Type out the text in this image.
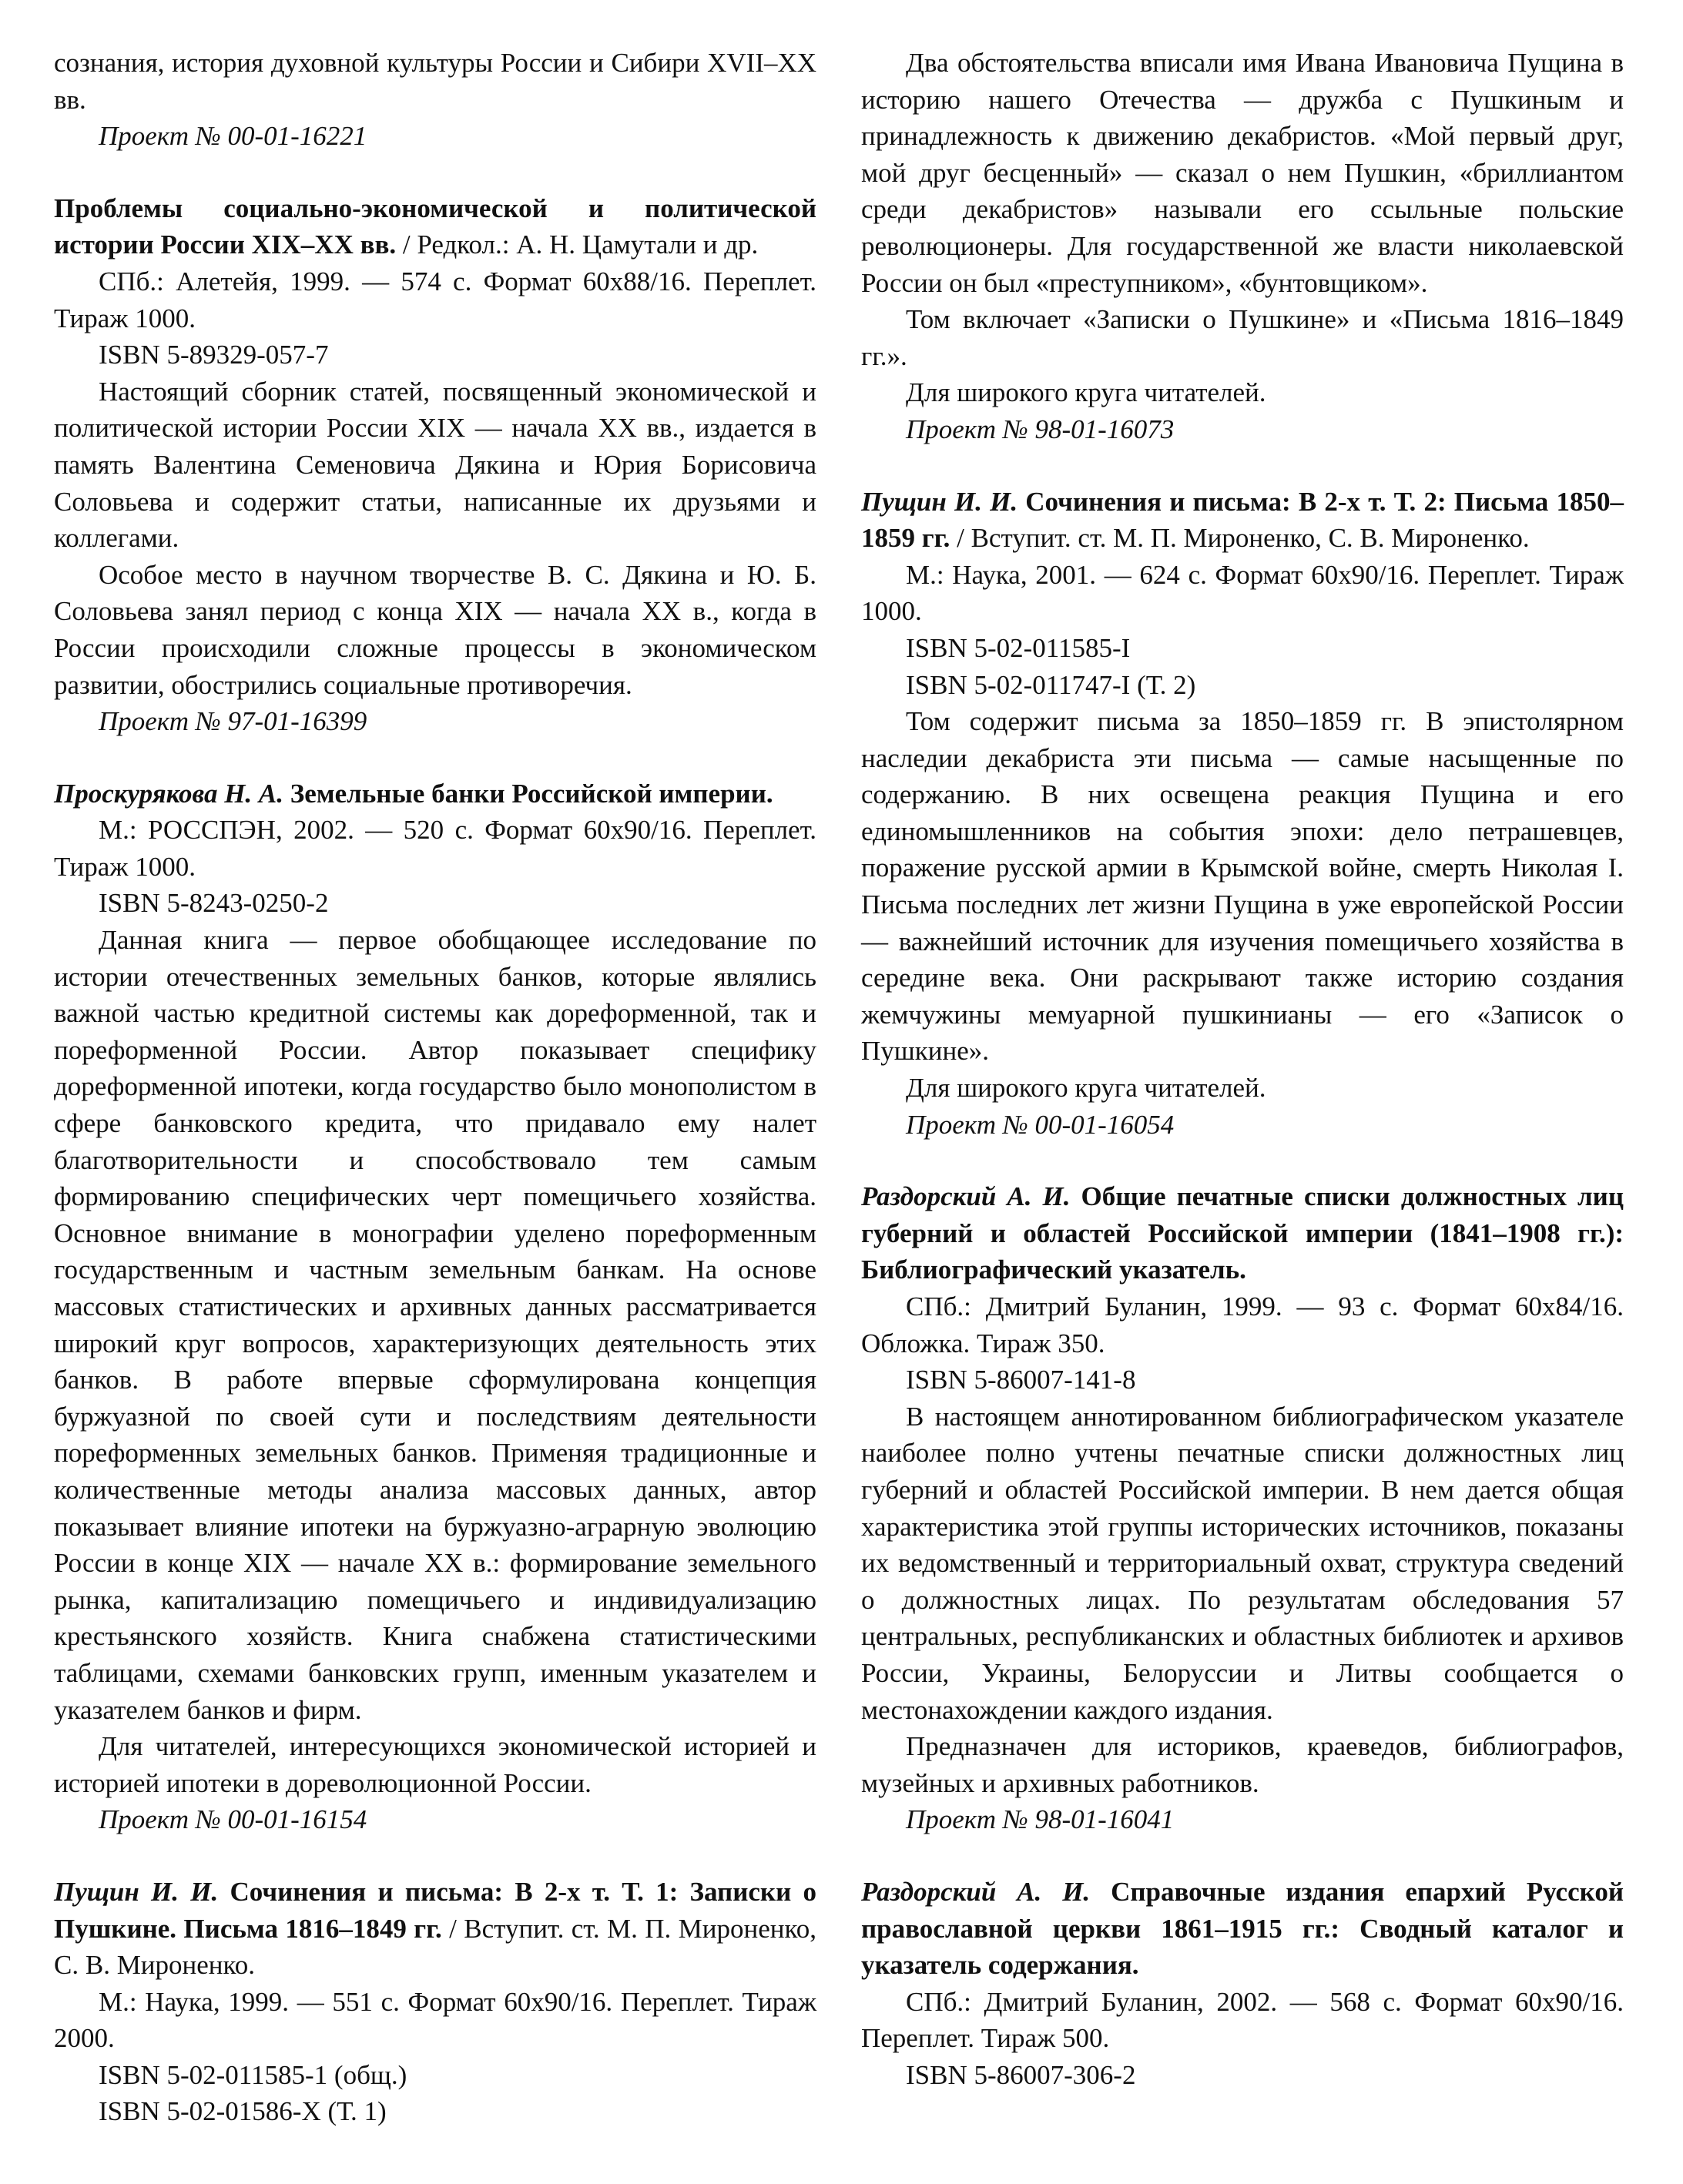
сознания, история духовной культуры России и Сибири XVII–XX вв.

Проект № 00-01-16221

Проблемы социально-экономической и политической истории России XIX–XX вв. / Редкол.: А. Н. Цамутали и др.

СПб.: Алетейя, 1999. — 574 с. Формат 60x88/16. Переплет. Тираж 1000.

ISBN 5-89329-057-7

Настоящий сборник статей, посвященный экономической и политической истории России XIX — начала XX вв., издается в память Валентина Семеновича Дякина и Юрия Борисовича Соловьева и содержит статьи, написанные их друзьями и коллегами.

Особое место в научном творчестве В. С. Дякина и Ю. Б. Соловьева занял период с конца XIX — начала XX в., когда в России происходили сложные процессы в экономическом развитии, обострились социальные противоречия.

Проект № 97-01-16399

Проскурякова Н. А. Земельные банки Российской империи.

М.: РОССПЭН, 2002. — 520 с. Формат 60x90/16. Переплет. Тираж 1000.

ISBN 5-8243-0250-2

Данная книга — первое обобщающее исследование по истории отечественных земельных банков, которые являлись важной частью кредитной системы как дореформенной, так и пореформенной России. Автор показывает специфику дореформенной ипотеки, когда государство было монополистом в сфере банковского кредита, что придавало ему налет благотворительности и способствовало тем самым формированию специфических черт помещичьего хозяйства. Основное внимание в монографии уделено пореформенным государственным и частным земельным банкам. На основе массовых статистических и архивных данных рассматривается широкий круг вопросов, характеризующих деятельность этих банков. В работе впервые сформулирована концепция буржуазной по своей сути и последствиям деятельности пореформенных земельных банков. Применяя традиционные и количественные методы анализа массовых данных, автор показывает влияние ипотеки на буржуазно-аграрную эволюцию России в конце XIX — начале XX в.: формирование земельного рынка, капитализацию помещичьего и индивидуализацию крестьянского хозяйств. Книга снабжена статистическими таблицами, схемами банковских групп, именным указателем и указателем банков и фирм.

Для читателей, интересующихся экономической историей и историей ипотеки в дореволюционной России.

Проект № 00-01-16154

Пущин И. И. Сочинения и письма: В 2-х т. Т. 1: Записки о Пушкине. Письма 1816–1849 гг. / Вступит. ст. М. П. Мироненко, С. В. Мироненко.

М.: Наука, 1999. — 551 с. Формат 60x90/16. Переплет. Тираж 2000.

ISBN 5-02-011585-1 (общ.)

ISBN 5-02-01586-X (Т. 1)

Два обстоятельства вписали имя Ивана Ивановича Пущина в историю нашего Отечества — дружба с Пушкиным и принадлежность к движению декабристов. «Мой первый друг, мой друг бесценный» — сказал о нем Пушкин, «бриллиантом среди декабристов» называли его ссыльные польские революционеры. Для государственной же власти николаевской России он был «преступником», «бунтовщиком».

Том включает «Записки о Пушкине» и «Письма 1816–1849 гг.».

Для широкого круга читателей.

Проект № 98-01-16073

Пущин И. И. Сочинения и письма: В 2-х т. Т. 2: Письма 1850–1859 гг. / Вступит. ст. М. П. Мироненко, С. В. Мироненко.

М.: Наука, 2001. — 624 с. Формат 60x90/16. Переплет. Тираж 1000.

ISBN 5-02-011585-I

ISBN 5-02-011747-I (Т. 2)

Том содержит письма за 1850–1859 гг. В эпистолярном наследии декабриста эти письма — самые насыщенные по содержанию. В них освещена реакция Пущина и его единомышленников на события эпохи: дело петрашевцев, поражение русской армии в Крымской войне, смерть Николая I. Письма последних лет жизни Пущина в уже европейской России — важнейший источник для изучения помещичьего хозяйства в середине века. Они раскрывают также историю создания жемчужины мемуарной пушкинианы — его «Записок о Пушкине».

Для широкого круга читателей.

Проект № 00-01-16054

Раздорский А. И. Общие печатные списки должностных лиц губерний и областей Российской империи (1841–1908 гг.): Библиографический указатель.

СПб.: Дмитрий Буланин, 1999. — 93 с. Формат 60x84/16. Обложка. Тираж 350.

ISBN 5-86007-141-8

В настоящем аннотированном библиографическом указателе наиболее полно учтены печатные списки должностных лиц губерний и областей Российской империи. В нем дается общая характеристика этой группы исторических источников, показаны их ведомственный и территориальный охват, структура сведений о должностных лицах. По результатам обследования 57 центральных, республиканских и областных библиотек и архивов России, Украины, Белоруссии и Литвы сообщается о местонахождении каждого издания.

Предназначен для историков, краеведов, библиографов, музейных и архивных работников.

Проект № 98-01-16041

Раздорский А. И. Справочные издания епархий Русской православной церкви 1861–1915 гг.: Сводный каталог и указатель содержания.

СПб.: Дмитрий Буланин, 2002. — 568 с. Формат 60x90/16. Переплет. Тираж 500.

ISBN 5-86007-306-2
